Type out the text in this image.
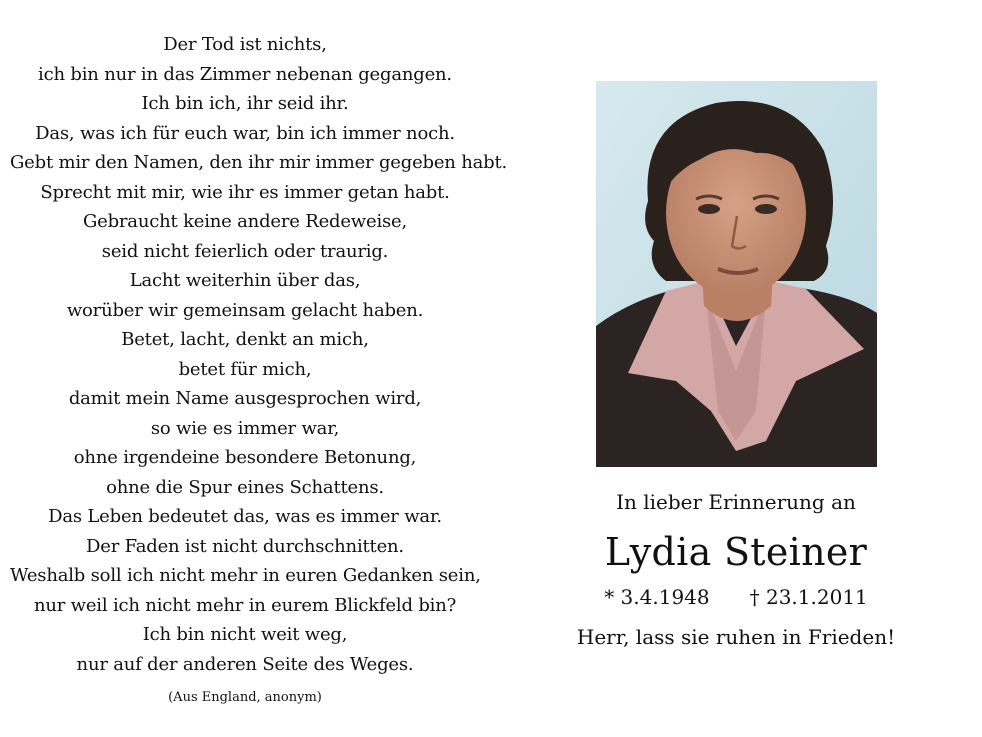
Der Tod ist nichts,
ich bin nur in das Zimmer nebenan gegangen.
Ich bin ich, ihr seid ihr.
Das, was ich für euch war, bin ich immer noch.
Gebt mir den Namen, den ihr mir immer gegeben habt.
Sprecht mit mir, wie ihr es immer getan habt.
Gebraucht keine andere Redeweise,
seid nicht feierlich oder traurig.
Lacht weiterhin über das,
worüber wir gemeinsam gelacht haben.
Betet, lacht, denkt an mich,
betet für mich,
damit mein Name ausgesprochen wird,
so wie es immer war,
ohne irgendeine besondere Betonung,
ohne die Spur eines Schattens.
Das Leben bedeutet das, was es immer war.
Der Faden ist nicht durchschnitten.
Weshalb soll ich nicht mehr in euren Gedanken sein,
nur weil ich nicht mehr in eurem Blickfeld bin?
Ich bin nicht weit weg,
nur auf der anderen Seite des Weges.
(Aus England, anonym)
In lieber Erinnerung an
Lydia Steiner
* 3.4.1948 † 23.1.2011
Herr, lass sie ruhen in Frieden!
